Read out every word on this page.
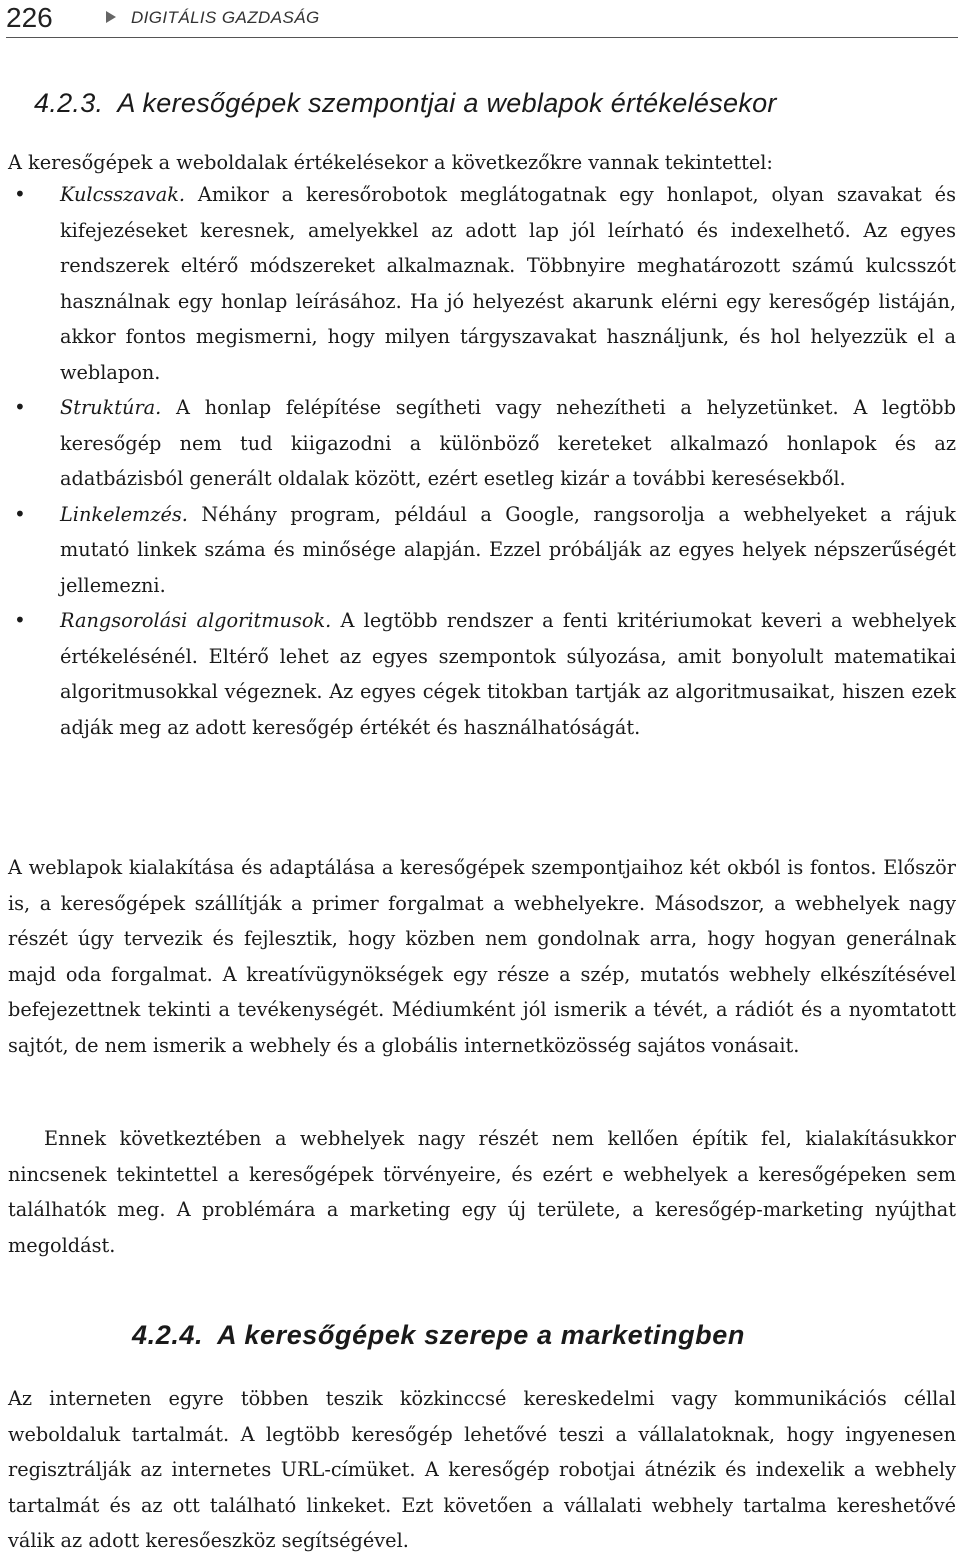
226	DIGITÁLIS GAZDASÁG
4.2.3. A keresőgépek szempontjai a weblapok értékelésekor

A keresőgépek a weboldalak értékelésekor a következőkre vannak tekintettel:

• Kulcsszavak. Amikor a keresőrobotok meglátogatnak egy honlapot, olyan szavakat és kifejezéseket keresnek, amelyekkel az adott lap jól leírható és indexelhető. Az egyes rendszerek eltérő módszereket alkalmaznak. Többnyire meghatározott számú kulcsszót használnak egy honlap leírásához. Ha jó helyezést akarunk elérni egy keresőgép listáján, akkor fontos megismerni, hogy milyen tárgyszavakat használjunk, és hol helyezzük el a weblapon.
• Struktúra. A honlap felépítése segítheti vagy nehezítheti a helyzetünket. A legtöbb keresőgép nem tud kiigazodni a különböző kereteket alkalmazó honlapok és az adatbázisból generált oldalak között, ezért esetleg kizár a további keresésekből.
• Linkelemzés. Néhány program, például a Google, rangsorolja a webhelyeket a rájuk mutató linkek száma és minősége alapján. Ezzel próbálják az egyes helyek népszerűségét jellemezni.
• Rangsorolási algoritmusok. A legtöbb rendszer a fenti kritériumokat keveri a webhelyek értékelésénél. Eltérő lehet az egyes szempontok súlyozása, amit bonyolult matematikai algoritmusokkal végeznek. Az egyes cégek titokban tartják az algoritmusaikat, hiszen ezek adják meg az adott keresőgép értékét és használhatóságát.

A weblapok kialakítása és adaptálása a keresőgépek szempontjaihoz két okból is fontos. Először is, a keresőgépek szállítják a primer forgalmat a webhelyekre. Másodszor, a webhelyek nagy részét úgy tervezik és fejlesztik, hogy közben nem gondolnak arra, hogy hogyan generálnak majd oda forgalmat. A kreatívügynökségek egy része a szép, mutatós webhely elkészítésével befejezettnek tekinti a tevékenységét. Médiumként jól ismerik a tévét, a rádiót és a nyomtatott sajtót, de nem ismerik a webhely és a globális internetközösség sajátos vonásait.

Ennek következtében a webhelyek nagy részét nem kellően építik fel, kialakításukkor nincsenek tekintettel a keresőgépek törvényeire, és ezért e webhelyek a keresőgépeken sem találhatók meg. A problémára a marketing egy új területe, a keresőgép-marketing nyújthat megoldást.

4.2.4. A keresőgépek szerepe a marketingben

Az interneten egyre többen teszik közkinccsé kereskedelmi vagy kommunikációs céllal weboldaluk tartalmát. A legtöbb keresőgép lehetővé teszi a vállalatoknak, hogy ingyenesen regisztrálják az internetes URL-címüket. A keresőgép robotjai átnézik és indexelik a webhely tartalmát és az ott található linkeket. Ezt követően a vállalati webhely tartalma kereshetővé válik az adott keresőeszköz segítségével.
